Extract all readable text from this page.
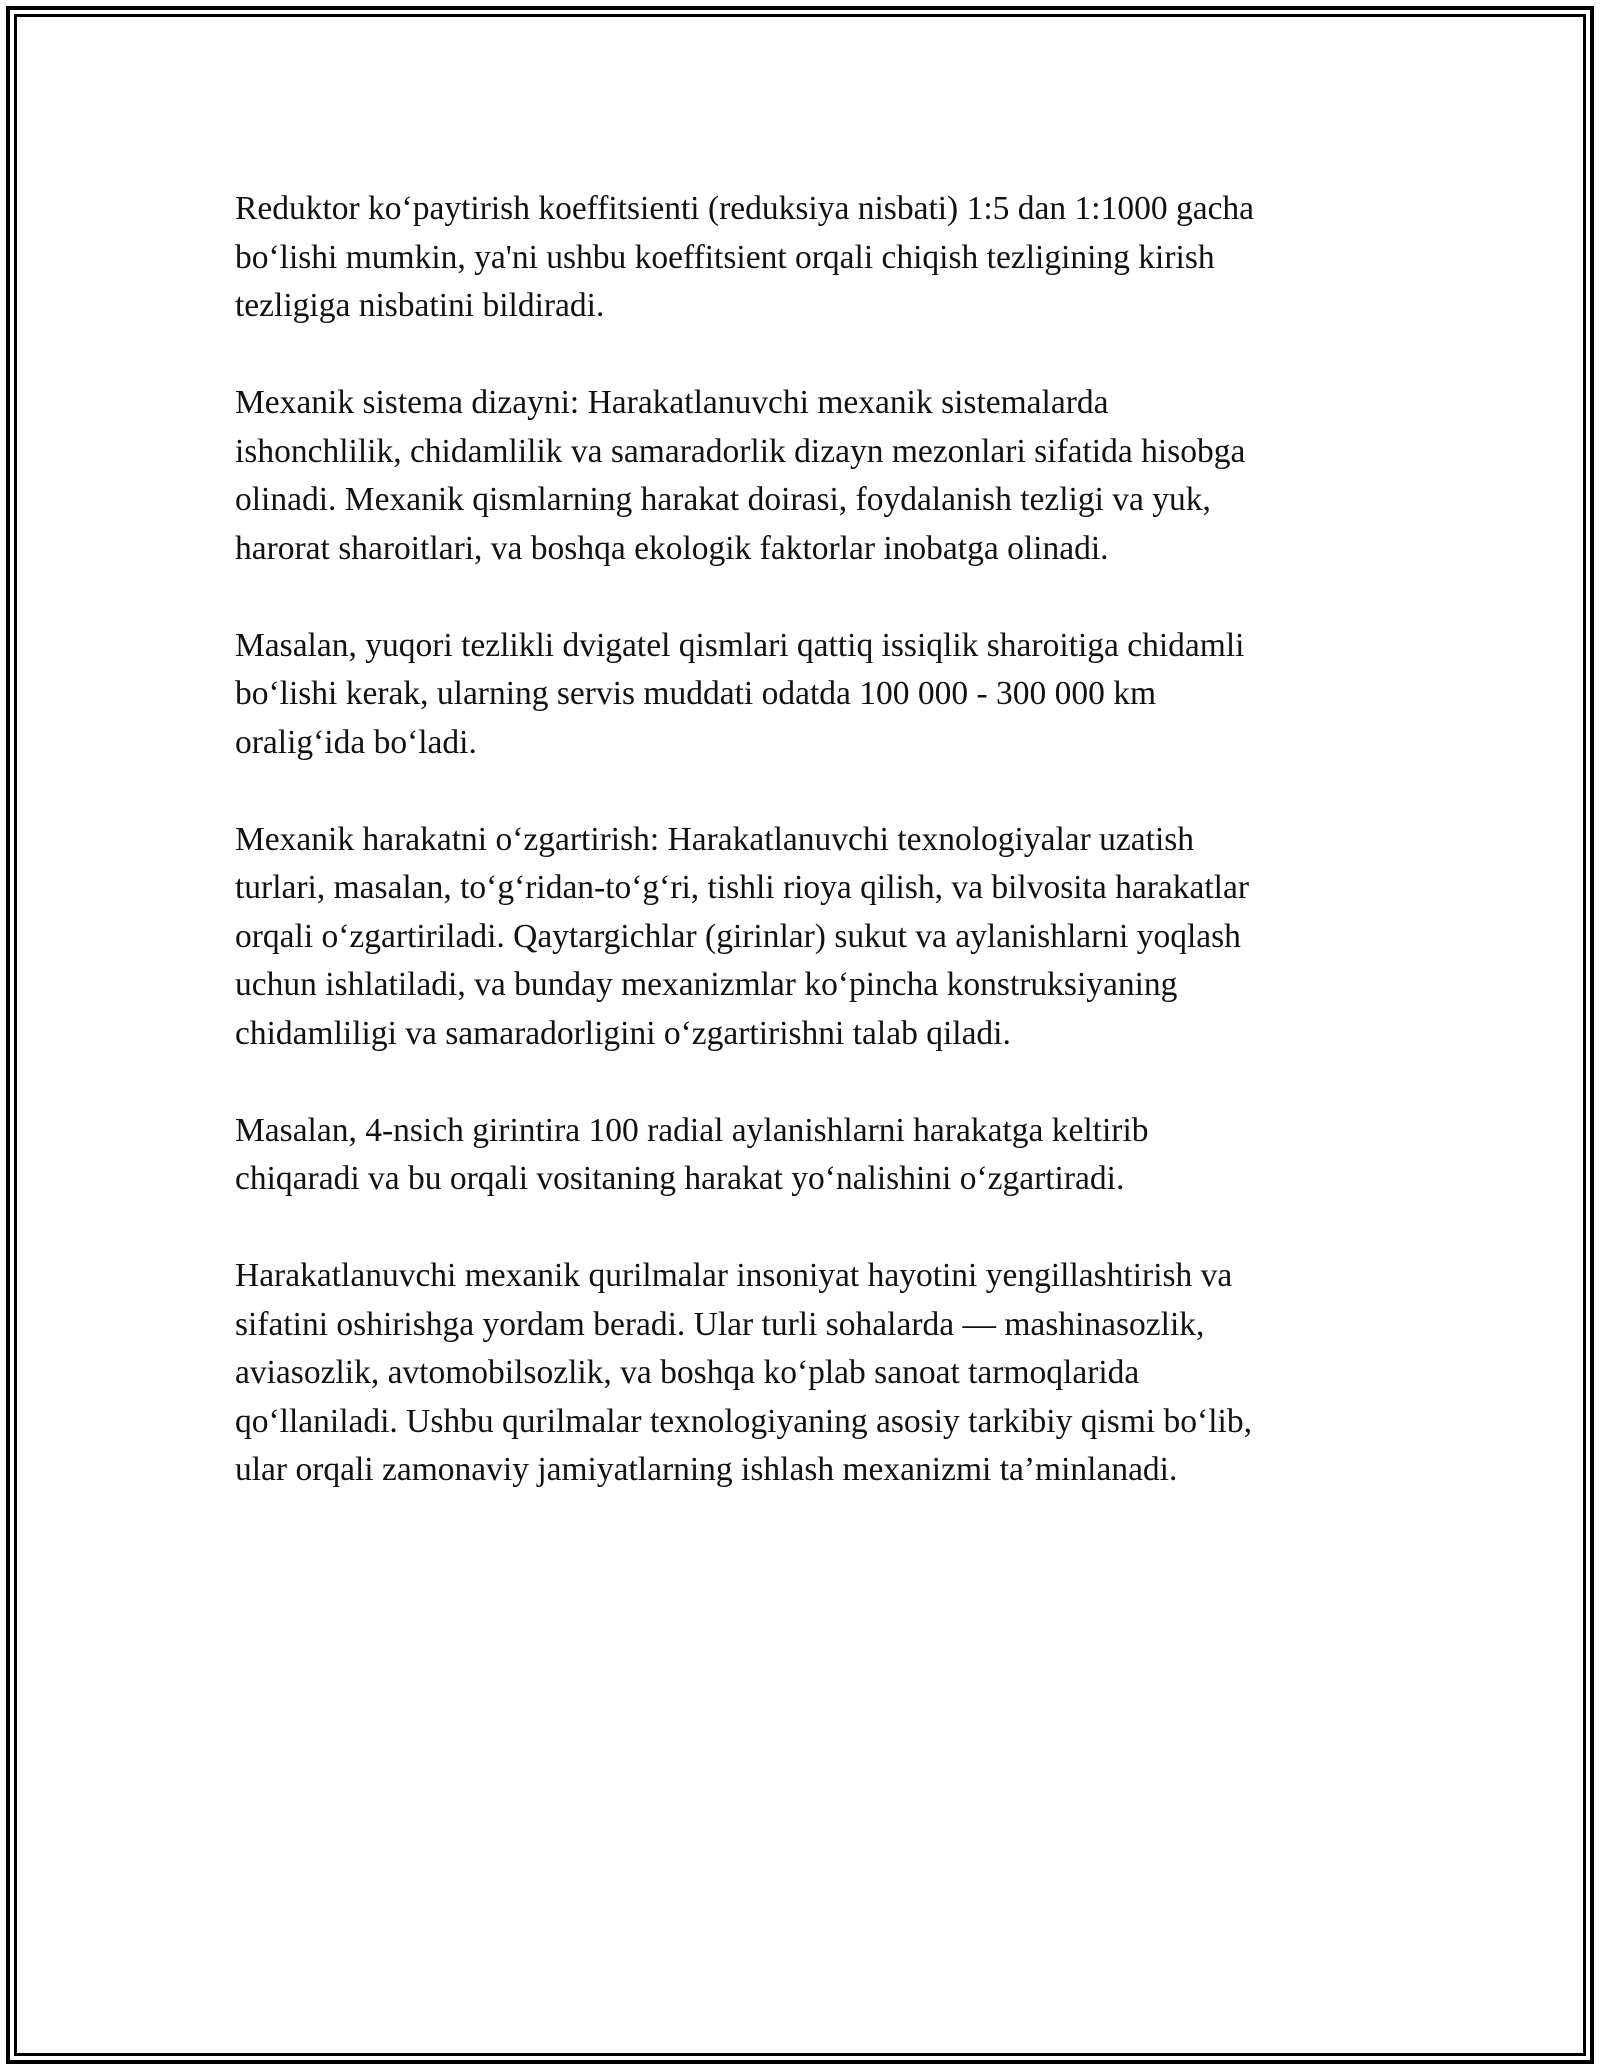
Reduktor ko‘paytirish koeffitsienti (reduksiya nisbati) 1:5 dan 1:1000 gacha
bo‘lishi mumkin, ya'ni ushbu koeffitsient orqali chiqish tezligining kirish
tezligiga nisbatini bildiradi.

Mexanik sistema dizayni: Harakatlanuvchi mexanik sistemalarda
ishonchlilik, chidamlilik va samaradorlik dizayn mezonlari sifatida hisobga
olinadi. Mexanik qismlarning harakat doirasi, foydalanish tezligi va yuk,
harorat sharoitlari, va boshqa ekologik faktorlar inobatga olinadi.

Masalan, yuqori tezlikli dvigatel qismlari qattiq issiqlik sharoitiga chidamli
bo‘lishi kerak, ularning servis muddati odatda 100 000 - 300 000 km
oralig‘ida bo‘ladi.

Mexanik harakatni o‘zgartirish: Harakatlanuvchi texnologiyalar uzatish
turlari, masalan, to‘g‘ridan-to‘g‘ri, tishli rioya qilish, va bilvosita harakatlar
orqali o‘zgartiriladi. Qaytargichlar (girinlar) sukut va aylanishlarni yoqlash
uchun ishlatiladi, va bunday mexanizmlar ko‘pincha konstruksiyaning
chidamliligi va samaradorligini o‘zgartirishni talab qiladi.

Masalan, 4-nsich girintira 100 radial aylanishlarni harakatga keltirib
chiqaradi va bu orqali vositaning harakat yo‘nalishini o‘zgartiradi.

Harakatlanuvchi mexanik qurilmalar insoniyat hayotini yengillashtirish va
sifatini oshirishga yordam beradi. Ular turli sohalarda — mashinasozlik,
aviasozlik, avtomobilsozlik, va boshqa ko‘plab sanoat tarmoqlarida
qo‘llaniladi. Ushbu qurilmalar texnologiyaning asosiy tarkibiy qismi bo‘lib,
ular orqali zamonaviy jamiyatlarning ishlash mexanizmi ta’minlanadi.
